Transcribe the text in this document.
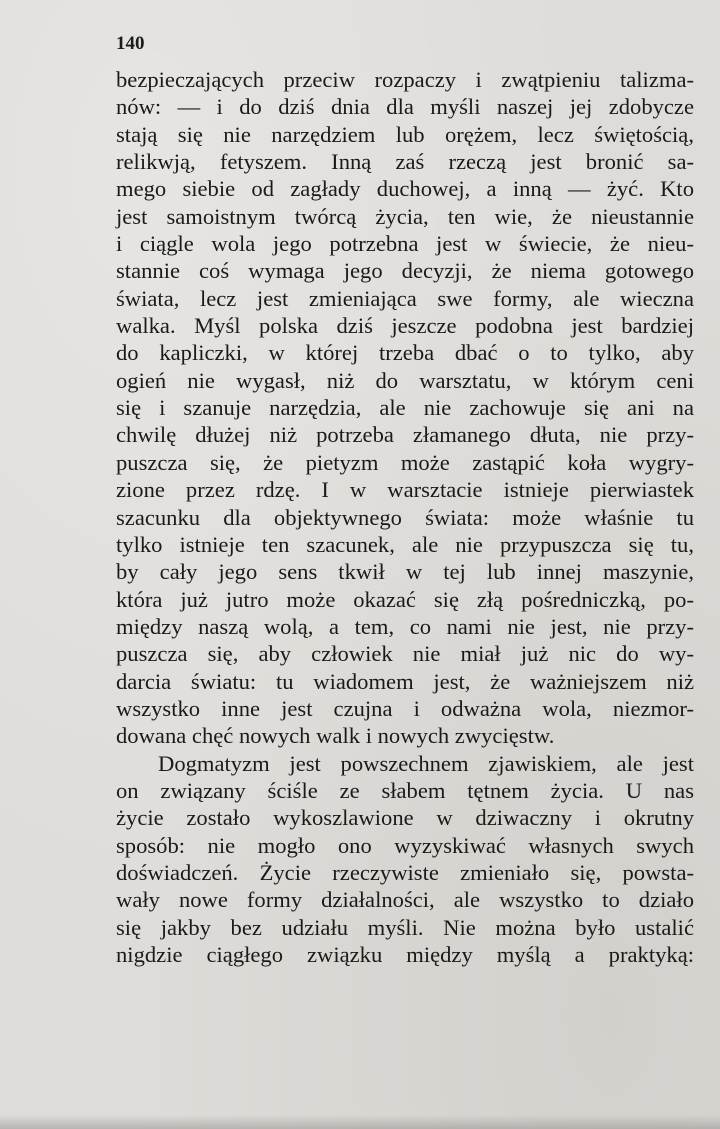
140

bezpieczających przeciw rozpaczy i zwątpieniu talizma-
nów: — i do dziś dnia dla myśli naszej jej zdobycze
stają się nie narzędziem lub orężem, lecz świętością,
relikwją, fetyszem. Inną zaś rzeczą jest bronić sa-
mego siebie od zagłady duchowej, a inną — żyć. Kto
jest samoistnym twórcą życia, ten wie, że nieustannie
i ciągle wola jego potrzebna jest w świecie, że nieu-
stannie coś wymaga jego decyzji, że niema gotowego
świata, lecz jest zmieniająca swe formy, ale wieczna
walka. Myśl polska dziś jeszcze podobna jest bardziej
do kapliczki, w której trzeba dbać o to tylko, aby
ogień nie wygasł, niż do warsztatu, w którym ceni
się i szanuje narzędzia, ale nie zachowuje się ani na
chwilę dłużej niż potrzeba złamanego dłuta, nie przy-
puszcza się, że pietyzm może zastąpić koła wygry-
zione przez rdzę. I w warsztacie istnieje pierwiastek
szacunku dla objektywnego świata: może właśnie tu
tylko istnieje ten szacunek, ale nie przypuszcza się tu,
by cały jego sens tkwił w tej lub innej maszynie,
która już jutro może okazać się złą pośredniczką, po-
między naszą wolą, a tem, co nami nie jest, nie przy-
puszcza się, aby człowiek nie miał już nic do wy-
darcia światu: tu wiadomem jest, że ważniejszem niż
wszystko inne jest czujna i odważna wola, niezmor-
dowana chęć nowych walk i nowych zwycięstw.
Dogmatyzm jest powszechnem zjawiskiem, ale jest
on związany ściśle ze słabem tętnem życia. U nas
życie zostało wykoszlawione w dziwaczny i okrutny
sposób: nie mogło ono wyzyskiwać własnych swych
doświadczeń. Życie rzeczywiste zmieniało się, powsta-
wały nowe formy działalności, ale wszystko to działo
się jakby bez udziału myśli. Nie można było ustalić
nigdzie ciągłego związku między myślą a praktyką:
